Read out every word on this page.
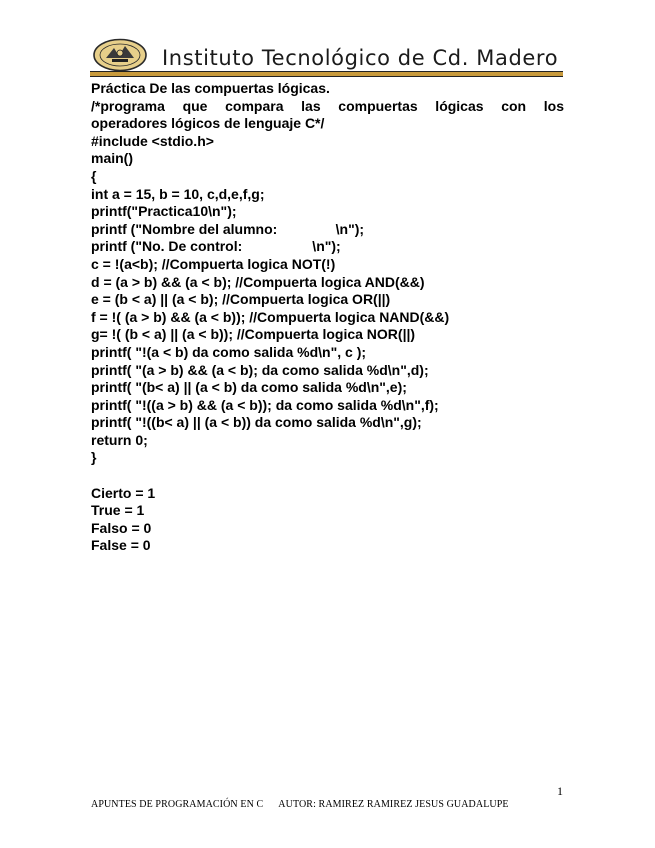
Instituto Tecnológico de Cd. Madero
Práctica De las compuertas lógicas.
/*programa que compara las compuertas lógicas con los
operadores lógicos de lenguaje C*/
#include <stdio.h>
main()
{
int a = 15, b = 10, c,d,e,f,g;
printf("Practica10\n");
printf ("Nombre del alumno:               \n");
printf ("No. De control:                  \n");
c = !(a<b); //Compuerta logica NOT(!)
d = (a > b) && (a < b); //Compuerta logica AND(&&)
e = (b < a) || (a < b); //Compuerta logica OR(||)
f = !( (a > b) && (a < b)); //Compuerta logica NAND(&&)
g= !( (b < a) || (a < b)); //Compuerta logica NOR(||)
printf( "!(a < b) da como salida %d\n", c );
printf( "(a > b) && (a < b); da como salida %d\n",d);
printf( "(b< a) || (a < b) da como salida %d\n",e);
printf( "!((a > b) && (a < b)); da como salida %d\n",f);
printf( "!((b< a) || (a < b)) da como salida %d\n",g);
return 0;
}
Cierto = 1
True = 1
Falso = 0
False = 0
1
APUNTES DE PROGRAMACIÓN EN C      AUTOR: RAMIREZ RAMIREZ JESUS GUADALUPE
